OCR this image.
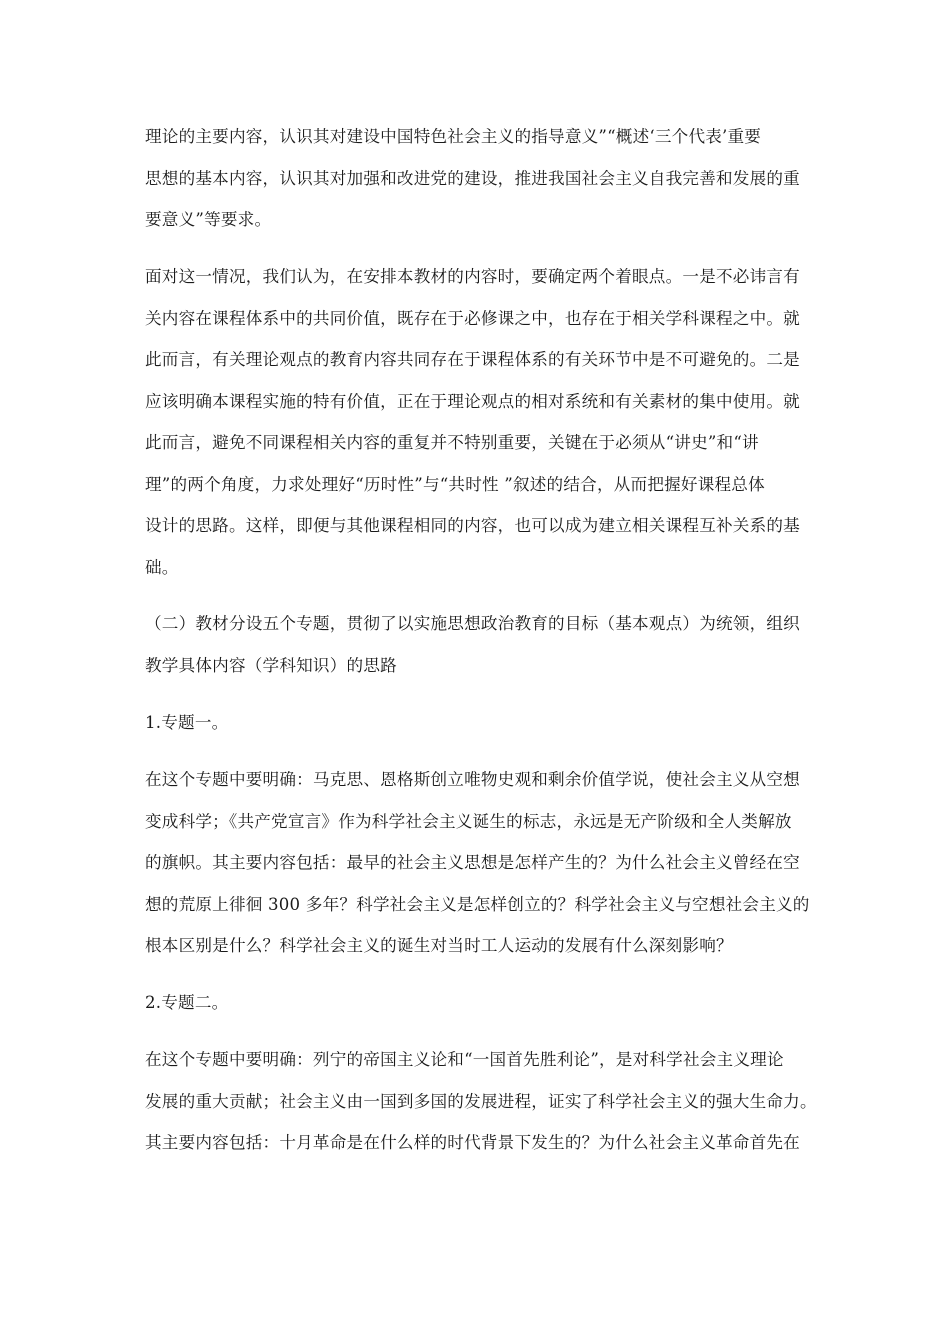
理论的主要内容，认识其对建设中国特色社会主义的指导意义”“概述‘三个代表’重要
思想的基本内容，认识其对加强和改进党的建设，推进我国社会主义自我完善和发展的重
要意义”等要求。
面对这一情况，我们认为，在安排本教材的内容时，要确定两个着眼点。一是不必讳言有
关内容在课程体系中的共同价值，既存在于必修课之中，也存在于相关学科课程之中。就
此而言，有关理论观点的教育内容共同存在于课程体系的有关环节中是不可避免的。二是
应该明确本课程实施的特有价值，正在于理论观点的相对系统和有关素材的集中使用。就
此而言，避免不同课程相关内容的重复并不特别重要，关键在于必须从“讲史”和“讲
理”的两个角度，力求处理好“历时性”与“共时性 ”叙述的结合，从而把握好课程总体
设计的思路。这样，即便与其他课程相同的内容，也可以成为建立相关课程互补关系的基
础。
（二）教材分设五个专题，贯彻了以实施思想政治教育的目标（基本观点）为统领，组织
教学具体内容（学科知识）的思路
1.专题一。
在这个专题中要明确：马克思、恩格斯创立唯物史观和剩余价值学说，使社会主义从空想
变成科学；《共产党宣言》作为科学社会主义诞生的标志，永远是无产阶级和全人类解放
的旗帜。其主要内容包括：最早的社会主义思想是怎样产生的？为什么社会主义曾经在空
想的荒原上徘徊 300 多年？科学社会主义是怎样创立的？科学社会主义与空想社会主义的
根本区别是什么？科学社会主义的诞生对当时工人运动的发展有什么深刻影响？
2.专题二。
在这个专题中要明确：列宁的帝国主义论和“一国首先胜利论”，是对科学社会主义理论
发展的重大贡献；社会主义由一国到多国的发展进程，证实了科学社会主义的强大生命力。
其主要内容包括：十月革命是在什么样的时代背景下发生的？为什么社会主义革命首先在
